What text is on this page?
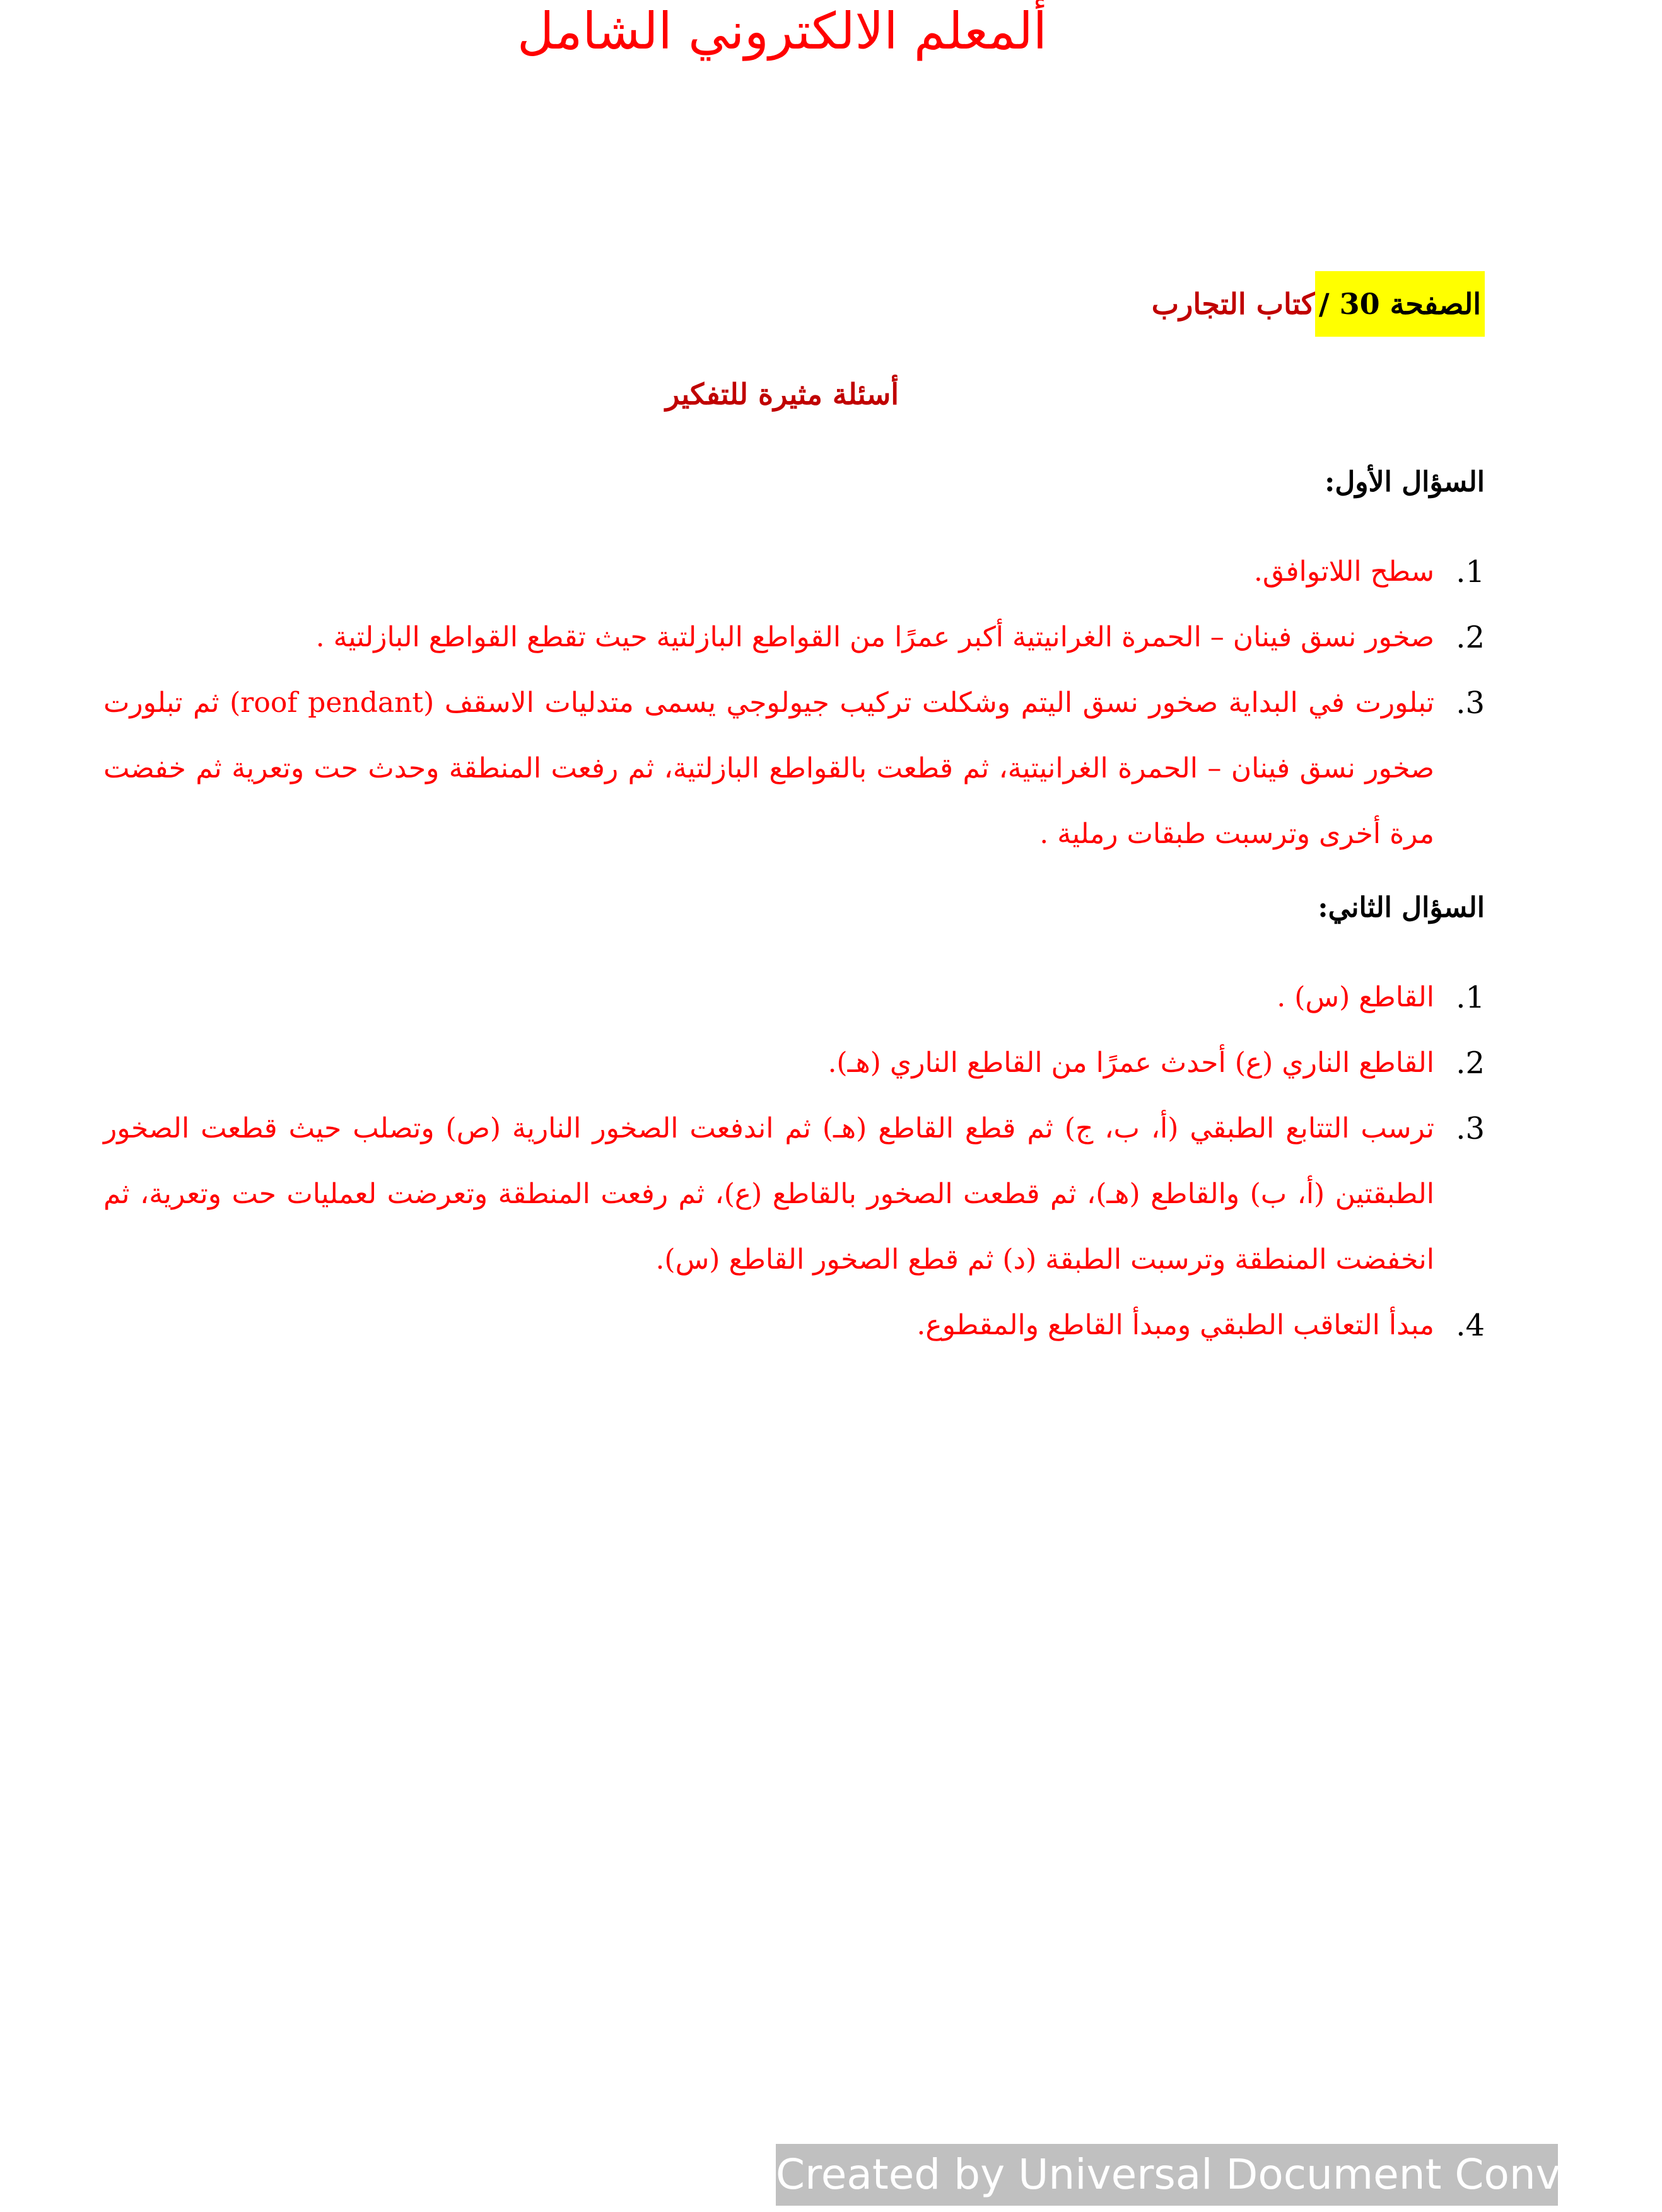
ألمعلم الالكتروني الشامل
الصفحة 30 /كتاب التجارب
أسئلة مثيرة للتفكير
السؤال الأول:
1.
سطح اللاتوافق.
2.
صخور نسق فينان – الحمرة الغرانيتية أكبر عمرًا من القواطع البازلتية حيث تقطع القواطع البازلتية .
3.
تبلورت في البداية صخور نسق اليتم وشكلت تركيب جيولوجي يسمى متدليات الاسقف (roof pendant) ثم تبلورت صخور نسق فينان – الحمرة الغرانيتية، ثم قطعت بالقواطع البازلتية، ثم رفعت المنطقة وحدث حت وتعرية ثم خفضت مرة أخرى وترسبت طبقات رملية .
السؤال الثاني:
1.
القاطع (س) .
2.
القاطع الناري (ع) أحدث عمرًا من القاطع الناري (هـ).
3.
ترسب التتابع الطبقي (أ، ب، ج) ثم قطع القاطع (هـ) ثم اندفعت الصخور النارية (ص) وتصلب حيث قطعت الصخور الطبقتين (أ، ب) والقاطع (هـ)، ثم قطعت الصخور بالقاطع (ع)، ثم رفعت المنطقة وتعرضت لعمليات حت وتعرية، ثم انخفضت المنطقة وترسبت الطبقة (د) ثم قطع الصخور القاطع (س).
4.
مبدأ التعاقب الطبقي ومبدأ القاطع والمقطوع.
Created by Universal Document Converter
